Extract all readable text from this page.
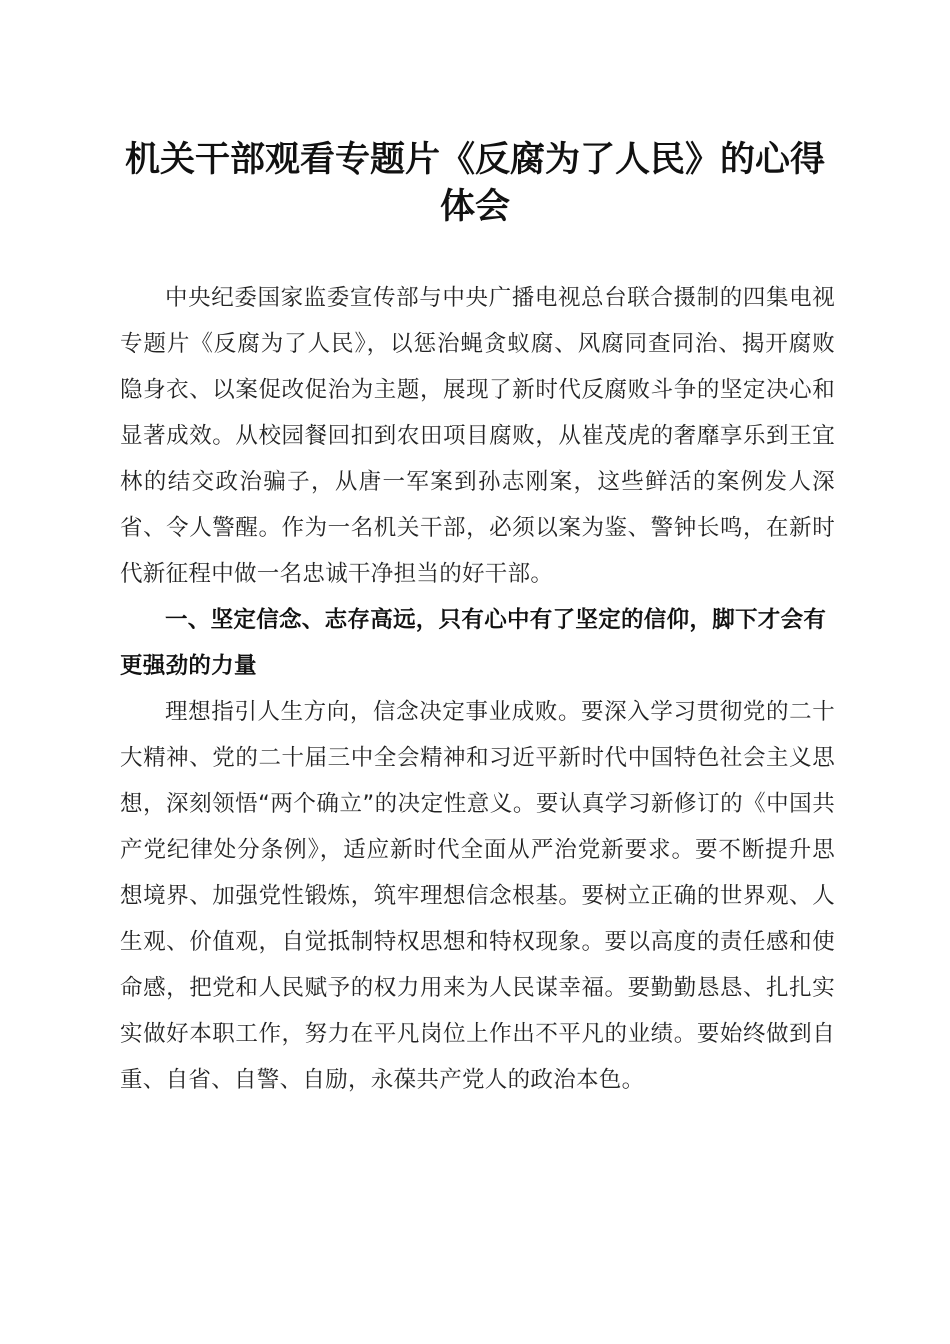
机关干部观看专题片《反腐为了人民》的心得体会

中央纪委国家监委宣传部与中央广播电视总台联合摄制的四集电视专题片《反腐为了人民》，以惩治蝇贪蚁腐、风腐同查同治、揭开腐败隐身衣、以案促改促治为主题，展现了新时代反腐败斗争的坚定决心和显著成效。从校园餐回扣到农田项目腐败，从崔茂虎的奢靡享乐到王宜林的结交政治骗子，从唐一军案到孙志刚案，这些鲜活的案例发人深省、令人警醒。作为一名机关干部，必须以案为鉴、警钟长鸣，在新时代新征程中做一名忠诚干净担当的好干部。

一、坚定信念、志存高远，只有心中有了坚定的信仰，脚下才会有更强劲的力量

理想指引人生方向，信念决定事业成败。要深入学习贯彻党的二十大精神、党的二十届三中全会精神和习近平新时代中国特色社会主义思想，深刻领悟“两个确立”的决定性意义。要认真学习新修订的《中国共产党纪律处分条例》，适应新时代全面从严治党新要求。要不断提升思想境界、加强党性锻炼，筑牢理想信念根基。要树立正确的世界观、人生观、价值观，自觉抵制特权思想和特权现象。要以高度的责任感和使命感，把党和人民赋予的权力用来为人民谋幸福。要勤勤恳恳、扎扎实实做好本职工作，努力在平凡岗位上作出不平凡的业绩。要始终做到自重、自省、自警、自励，永葆共产党人的政治本色。
